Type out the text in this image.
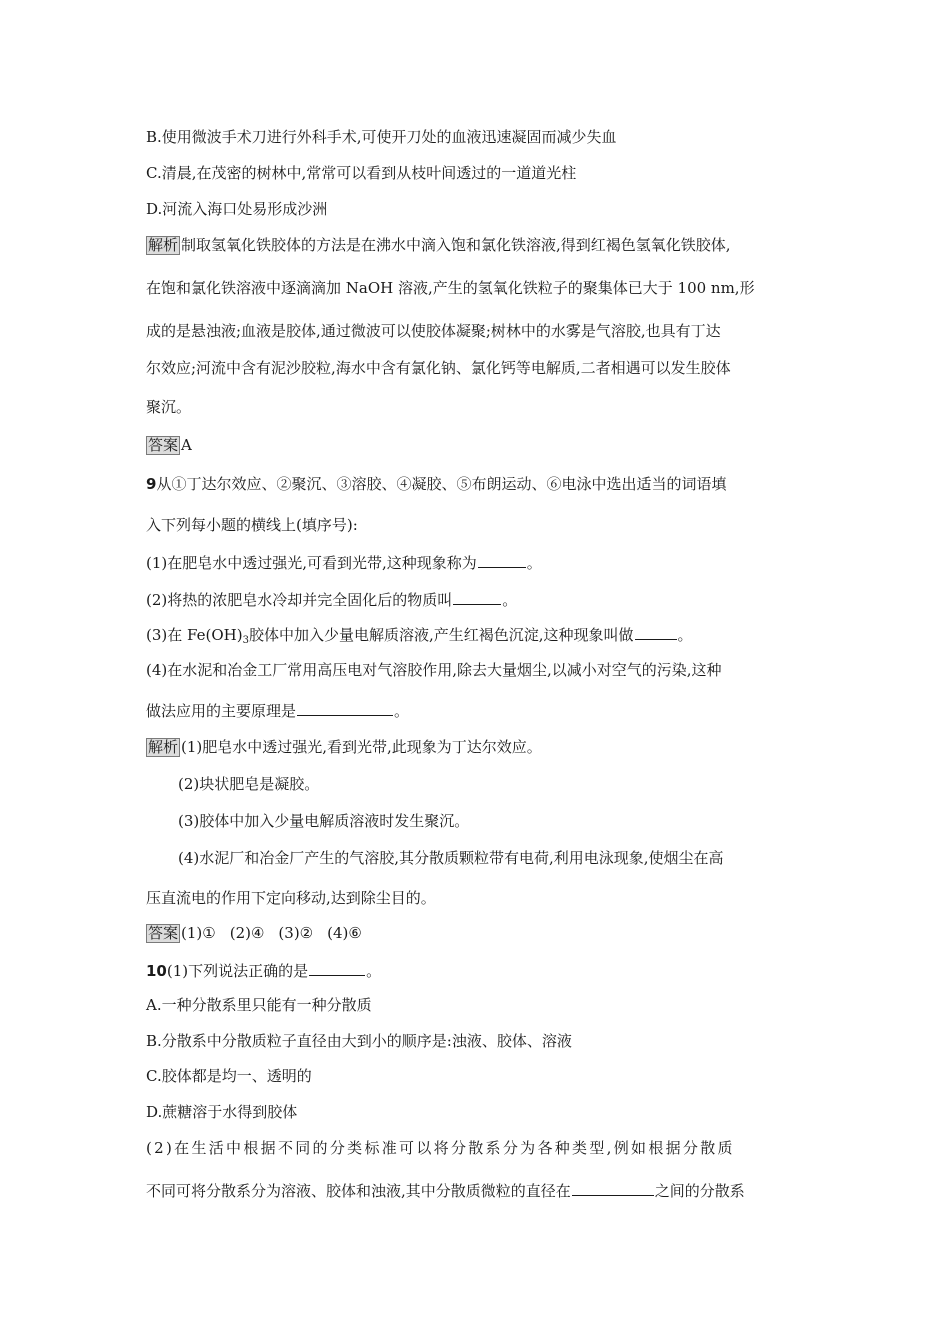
B.使用微波手术刀进行外科手术,可使开刀处的血液迅速凝固而减少失血
C.清晨,在茂密的树林中,常常可以看到从枝叶间透过的一道道光柱
D.河流入海口处易形成沙洲
解析 制取氢氧化铁胶体的方法是在沸水中滴入饱和氯化铁溶液,得到红褐色氢氧化铁胶体,
在饱和氯化铁溶液中逐滴滴加 NaOH 溶液,产生的氢氧化铁粒子的聚集体已大于 100 nm,形
成的是悬浊液;血液是胶体,通过微波可以使胶体凝聚;树林中的水雾是气溶胶,也具有丁达
尔效应;河流中含有泥沙胶粒,海水中含有氯化钠、氯化钙等电解质,二者相遇可以发生胶体
聚沉。
答案 A
9从①丁达尔效应、②聚沉、③溶胶、④凝胶、⑤布朗运动、⑥电泳中选出适当的词语填
入下列每小题的横线上(填序号):
(1)在肥皂水中透过强光,可看到光带,这种现象称为	。
(2)将热的浓肥皂水冷却并完全固化后的物质叫	。
(3)在 $Fe(OH)_3$胶体中加入少量电解质溶液,产生红褐色沉淀,这种现象叫做	。
(4)在水泥和冶金工厂常用高压电对气溶胶作用,除去大量烟尘,以减小对空气的污染,这种
做法应用的主要原理是	。
解析 (1)肥皂水中透过强光,看到光带,此现象为丁达尔效应。
(2)块状肥皂是凝胶。
(3)胶体中加入少量电解质溶液时发生聚沉。
(4)水泥厂和冶金厂产生的气溶胶,其分散质颗粒带有电荷,利用电泳现象,使烟尘在高
压直流电的作用下定向移动,达到除尘目的。
答案 (1)① (2)④ (3)② (4)⑥
10(1)下列说法正确的是	。
A.一种分散系里只能有一种分散质
B.分散系中分散质粒子直径由大到小的顺序是:浊液、胶体、溶液
C.胶体都是均一、透明的
D.蔗糖溶于水得到胶体
(2)在生活中根据不同的分类标准可以将分散系分为各种类型,例如根据分散质
不同可将分散系分为溶液、胶体和浊液,其中分散质微粒的直径在	之间的分散系
